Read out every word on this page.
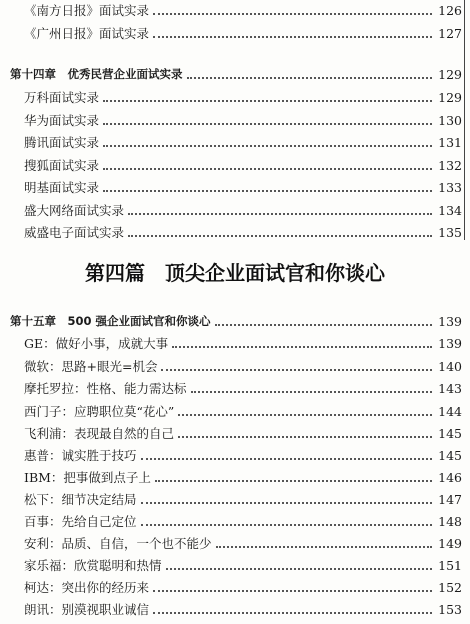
《南方日报》面试实录	126
《广州日报》面试实录	127
第十四章　优秀民营企业面试实录	129
万科面试实录	129
华为面试实录	130
腾讯面试实录	131
搜狐面试实录	132
明基面试实录	133
盛大网络面试实录	134
威盛电子面试实录	135
第四篇　顶尖企业面试官和你谈心
第十五章　500 强企业面试官和你谈心	139
GE：做好小事，成就大事	139
微软：思路+眼光=机会	140
摩托罗拉：性格、能力需达标	143
西门子：应聘职位莫“花心”	144
飞利浦：表现最自然的自己	145
惠普：诚实胜于技巧	145
IBM：把事做到点子上	146
松下：细节决定结局	147
百事：先给自己定位	148
安利：品质、自信，一个也不能少	149
家乐福：欣赏聪明和热情	151
柯达：突出你的经历来	152
朗讯：别漠视职业诚信	153
